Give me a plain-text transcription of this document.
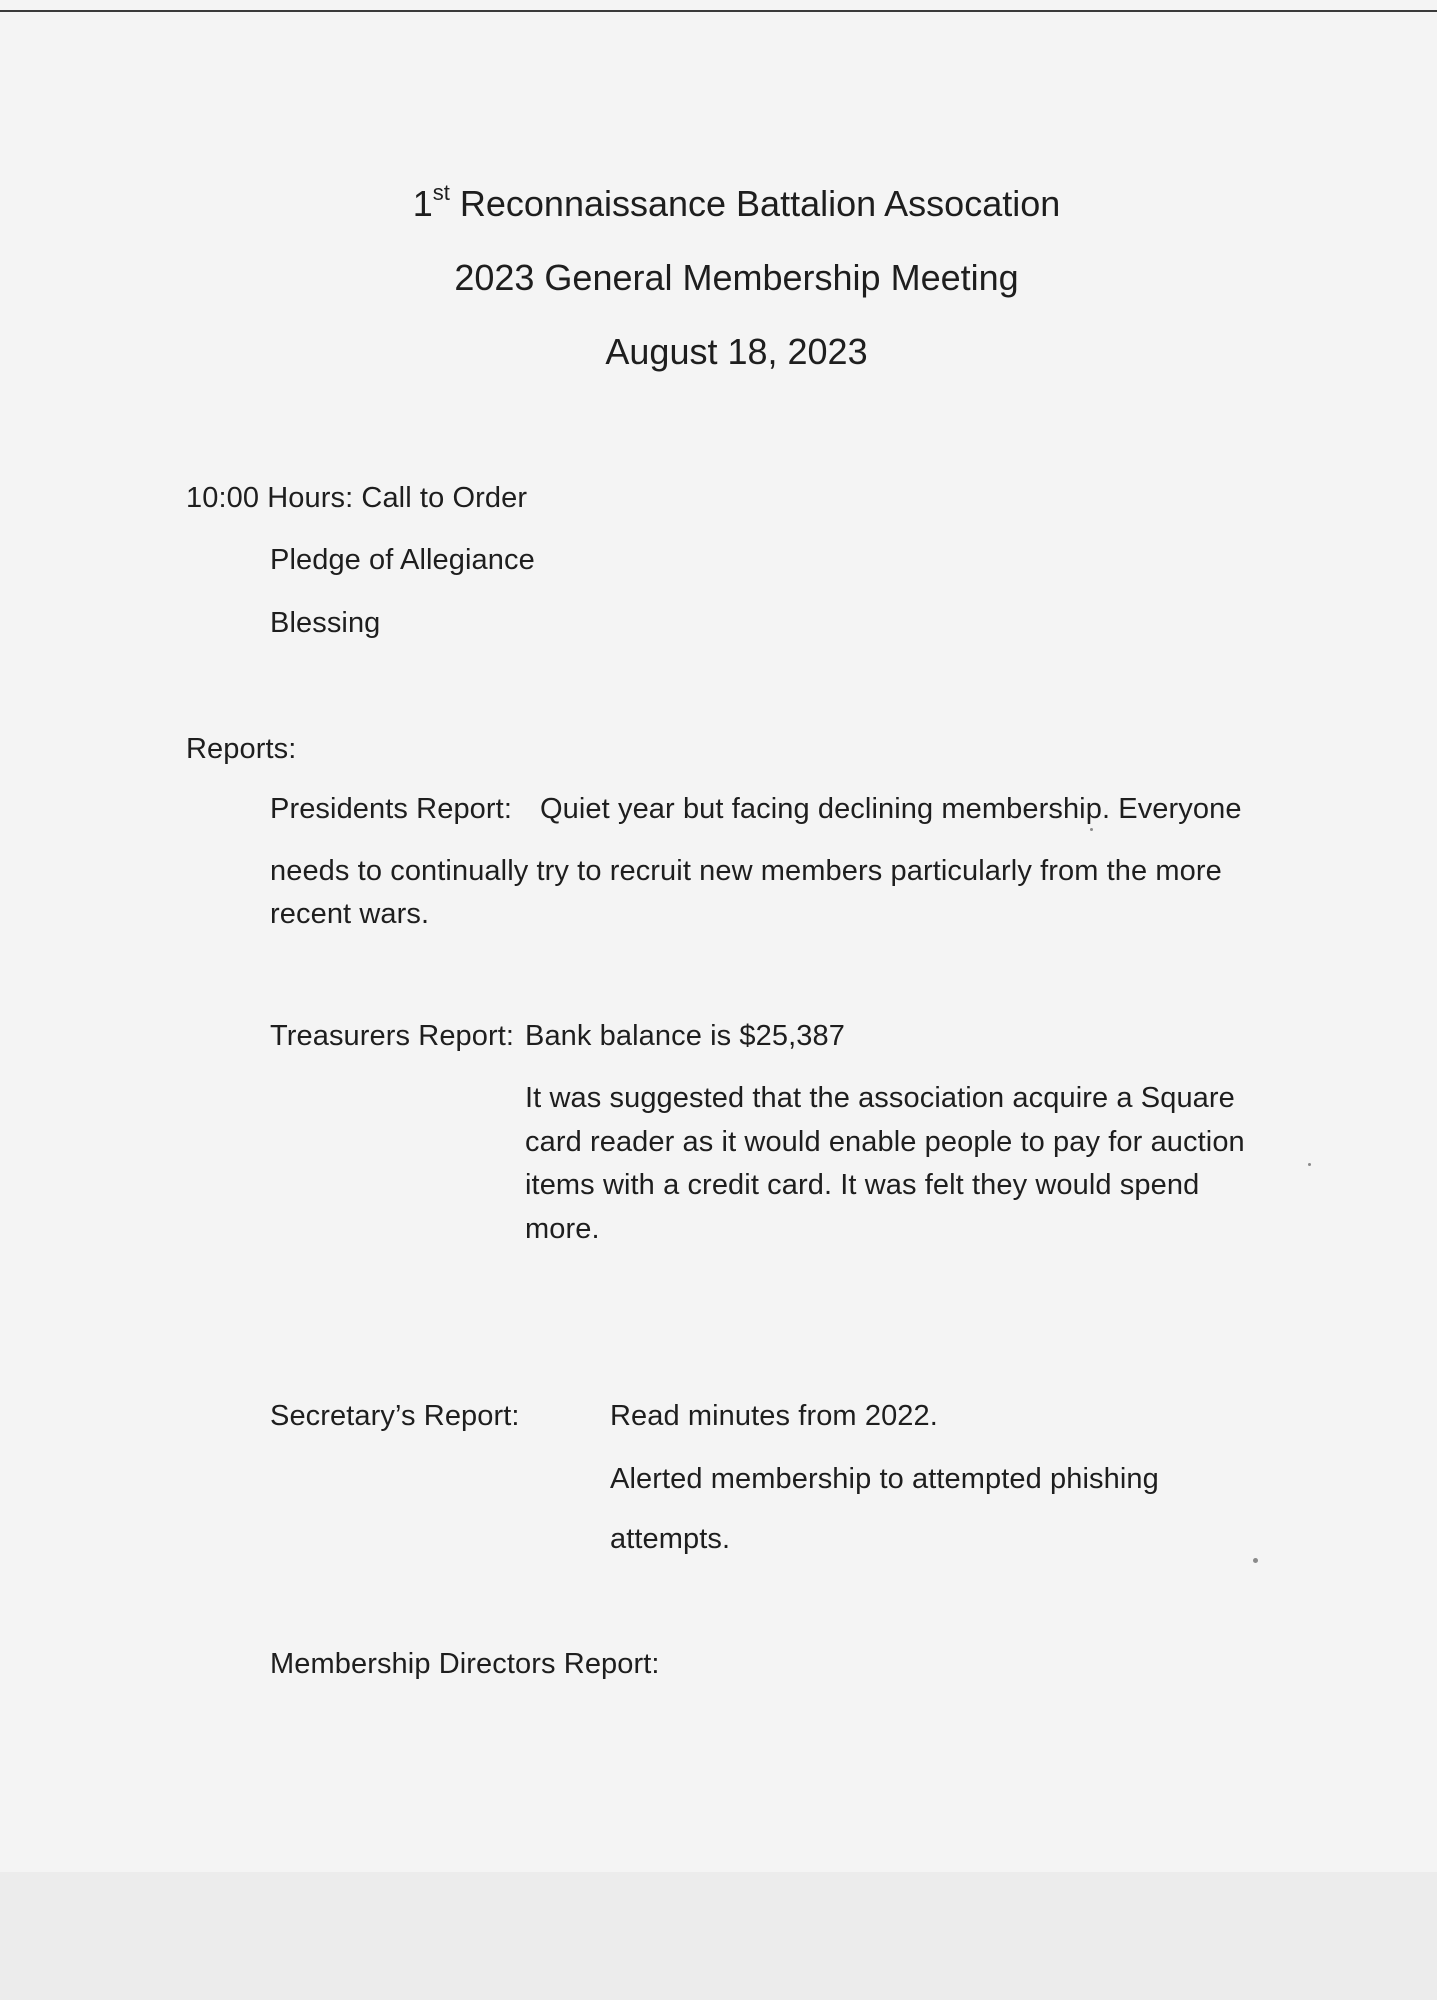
1st Reconnaissance Battalion Assocation
2023 General Membership Meeting
August 18, 2023
10:00 Hours: Call to Order
Pledge of Allegiance
Blessing
Reports:
Presidents Report: Quiet year but facing declining membership. Everyone
needs to continually try to recruit new members particularly from the more
recent wars.
Treasurers Report: Bank balance is $25,387
It was suggested that the association acquire a Square
card reader as it would enable people to pay for auction
items with a credit card. It was felt they would spend
more.
Secretary’s Report:	Read minutes from 2022.
Alerted membership to attempted phishing
attempts.
Membership Directors Report:
